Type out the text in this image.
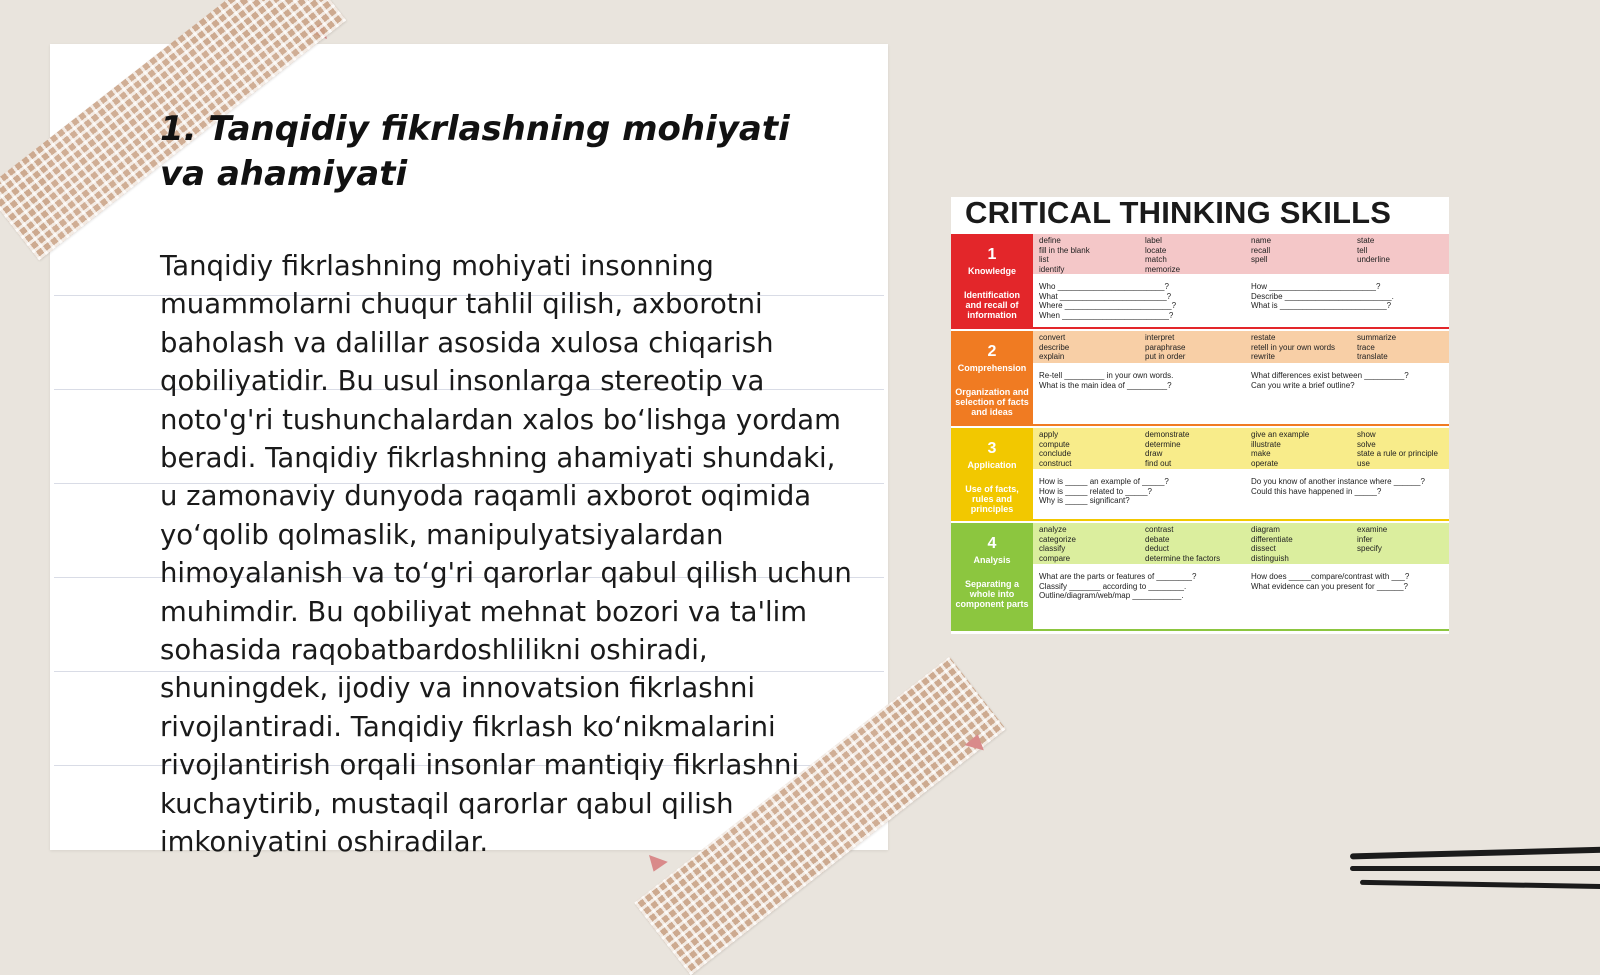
1. Tanqidiy fikrlashning mohiyati va ahamiyati

Tanqidiy fikrlashning mohiyati insonning muammolarni chuqur tahlil qilish, axborotni baholash va dalillar asosida xulosa chiqarish qobiliyatidir. Bu usul insonlarga stereotip va noto'g'ri tushunchalardan xalos bo‘lishga yordam beradi. Tanqidiy fikrlashning ahamiyati shundaki, u zamonaviy dunyoda raqamli axborot oqimida yo‘qolib qolmaslik, manipulyatsiyalardan himoyalanish va to‘g'ri qarorlar qabul qilish uchun muhimdir. Bu qobiliyat mehnat bozori va ta'lim sohasida raqobatbardoshlilikni oshiradi, shuningdek, ijodiy va innovatsion fikrlashni rivojlantiradi. Tanqidiy fikrlash ko‘nikmalarini rivojlantirish orqali insonlar mantiqiy fikrlashni kuchaytirib, mustaqil qarorlar qabul qilish imkoniyatini oshiradilar.

CRITICAL THINKING SKILLS
1
Knowledge
Identification and recall of information
define
fill in the blank
list
identify
label
locate
match
memorize
name
recall
spell
state
tell
underline
Who ________________________?
What ________________________?
Where ________________________?
When ________________________?
How ________________________?
Describe ________________________.
What is ________________________?
2
Comprehension
Organization and selection of facts and ideas
convert
describe
explain
interpret
paraphrase
put in order
restate
retell in your own words
rewrite
summarize
trace
translate
Re-tell _________ in your own words.
What is the main idea of _________?
What differences exist between _________?
Can you write a brief outline?
3
Application
Use of facts, rules and principles
apply
compute
conclude
construct
demonstrate
determine
draw
find out
give an example
illustrate
make
operate
show
solve
state a rule or principle
use
How is _____ an example of _____?
How is _____ related to _____?
Why is _____ significant?
Do you know of another instance where ______?
Could this have happened in _____?
4
Analysis
Separating a whole into component parts
analyze
categorize
classify
compare
contrast
debate
deduct
determine the factors
diagram
differentiate
dissect
distinguish
examine
infer
specify
What are the parts or features of ________?
Classify _______ according to ________.
Outline/diagram/web/map ___________.
How does _____compare/contrast with ___?
What evidence can you present for ______?
